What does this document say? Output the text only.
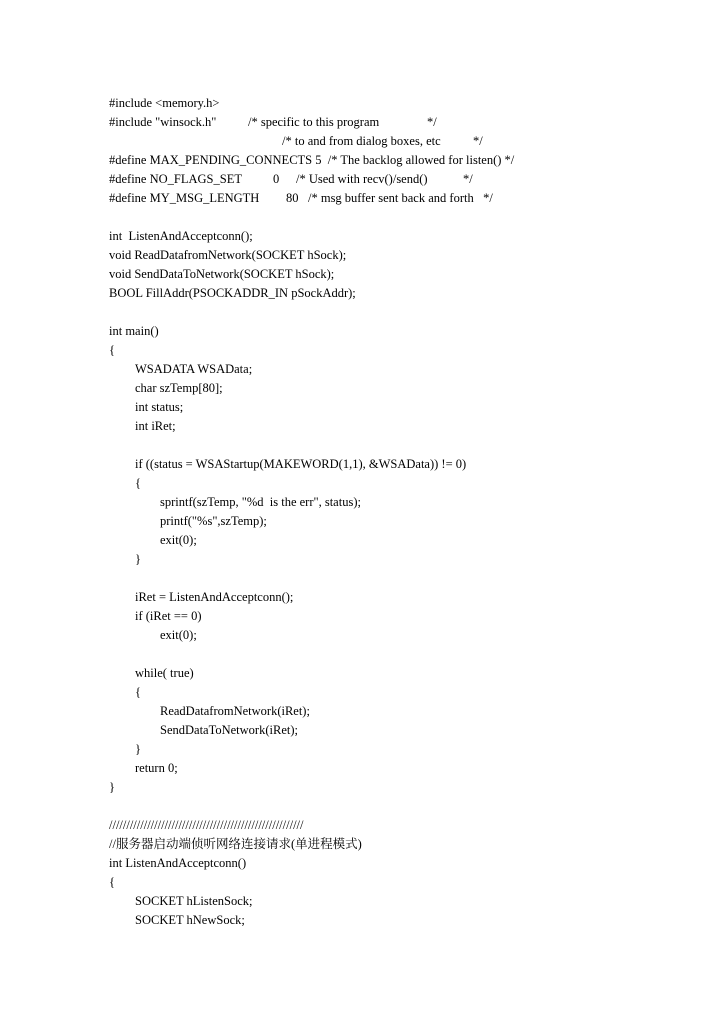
#include <memory.h>
#include "winsock.h"	/* specific to this program	*/
/* to and from dialog boxes, etc	*/
#define MAX_PENDING_CONNECTS 5  /* The backlog allowed for listen() */
#define NO_FLAGS_SET 0 /* Used with recv()/send()	*/
#define MY_MSG_LENGTH 80 /* msg buffer sent back and forth   */
int  ListenAndAcceptconn();
void ReadDatafromNetwork(SOCKET hSock);
void SendDataToNetwork(SOCKET hSock);
BOOL FillAddr(PSOCKADDR_IN pSockAddr);
int main()
{
WSADATA WSAData;
char szTemp[80];
int status;
int iRet;
if ((status = WSAStartup(MAKEWORD(1,1), &WSAData)) != 0)
{
sprintf(szTemp, "%d  is the err", status);
printf("%s",szTemp);
exit(0);
}
iRet = ListenAndAcceptconn();
if (iRet == 0)
exit(0);
while( true)
{
ReadDatafromNetwork(iRet);
SendDataToNetwork(iRet);
}
return 0;
}
////////////////////////////////////////////////////////
//服务器启动端侦听网络连接请求(单进程模式)
int ListenAndAcceptconn()
{
SOCKET hListenSock;
SOCKET hNewSock;
